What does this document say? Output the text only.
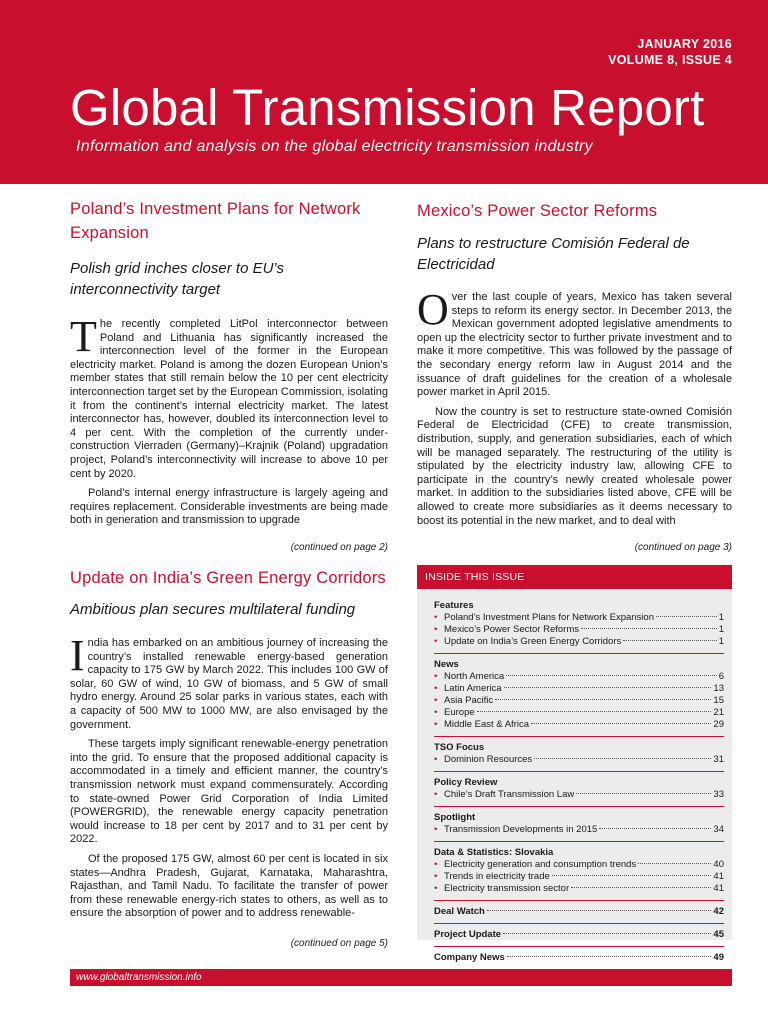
JANUARY 2016
VOLUME 8, ISSUE 4
Global Transmission Report
Information and analysis on the global electricity transmission industry
Poland’s Investment Plans for Network Expansion

Polish grid inches closer to EU’s interconnectivity target

The recently completed LitPol interconnector between Poland and Lithuania has significantly increased the interconnection level of the former in the European electricity market. Poland is among the dozen European Union’s member states that still remain below the 10 per cent electricity interconnection target set by the European Commission, isolating it from the continent’s internal electricity market. The latest interconnector has, however, doubled its interconnection level to 4 per cent. With the completion of the currently under-construction Vierraden (Germany)–Krajnik (Poland) upgradation project, Poland’s interconnectivity will increase to above 10 per cent by 2020.

Poland’s internal energy infrastructure is largely ageing and requires replacement. Considerable investments are being made both in generation and transmission to upgrade

(continued on page 2)
Mexico’s Power Sector Reforms

Plans to restructure Comisión Federal de Electricidad

Over the last couple of years, Mexico has taken several steps to reform its energy sector. In December 2013, the Mexican government adopted legislative amendments to open up the electricity sector to further private investment and to make it more competitive. This was followed by the passage of the secondary energy reform law in August 2014 and the issuance of draft guidelines for the creation of a wholesale power market in April 2015.

Now the country is set to restructure state-owned Comisión Federal de Electricidad (CFE) to create transmission, distribution, supply, and generation subsidiaries, each of which will be managed separately. The restructuring of the utility is stipulated by the electricity industry law, allowing CFE to participate in the country’s newly created wholesale power market. In addition to the subsidiaries listed above, CFE will be allowed to create more subsidiaries as it deems necessary to boost its potential in the new market, and to deal with

(continued on page 3)
Update on India’s Green Energy Corridors

Ambitious plan secures multilateral funding

India has embarked on an ambitious journey of increasing the country’s installed renewable energy-based generation capacity to 175 GW by March 2022. This includes 100 GW of solar, 60 GW of wind, 10 GW of biomass, and 5 GW of small hydro energy. Around 25 solar parks in various states, each with a capacity of 500 MW to 1000 MW, are also envisaged by the government.

These targets imply significant renewable-energy penetration into the grid. To ensure that the proposed additional capacity is accommodated in a timely and efficient manner, the country’s transmission network must expand commensurately. According to state-owned Power Grid Corporation of India Limited (POWERGRID), the renewable energy capacity penetration would increase to 18 per cent by 2017 and to 31 per cent by 2022.

Of the proposed 175 GW, almost 60 per cent is located in six states—Andhra Pradesh, Gujarat, Karnataka, Maharashtra, Rajasthan, and Tamil Nadu. To facilitate the transfer of power from these renewable energy-rich states to others, as well as to ensure the absorption of power and to address renewable-

(continued on page 5)
INSIDE THIS ISSUE
Features
• Poland’s Investment Plans for Network Expansion	1
• Mexico’s Power Sector Reforms	1
• Update on India’s Green Energy Corridors	1
News
• North America	6
• Latin America	13
• Asia Pacific	15
• Europe	21
• Middle East & Africa	29
TSO Focus
• Dominion Resources	31
Policy Review
• Chile’s Draft Transmission Law	33
Spotlight
• Transmission Developments in 2015	34
Data & Statistics: Slovakia
• Electricity generation and consumption trends	40
• Trends in electricity trade	41
• Electricity transmission sector	41
Deal Watch	42
Project Update	45
Company News	49
www.globaltransmission.info
